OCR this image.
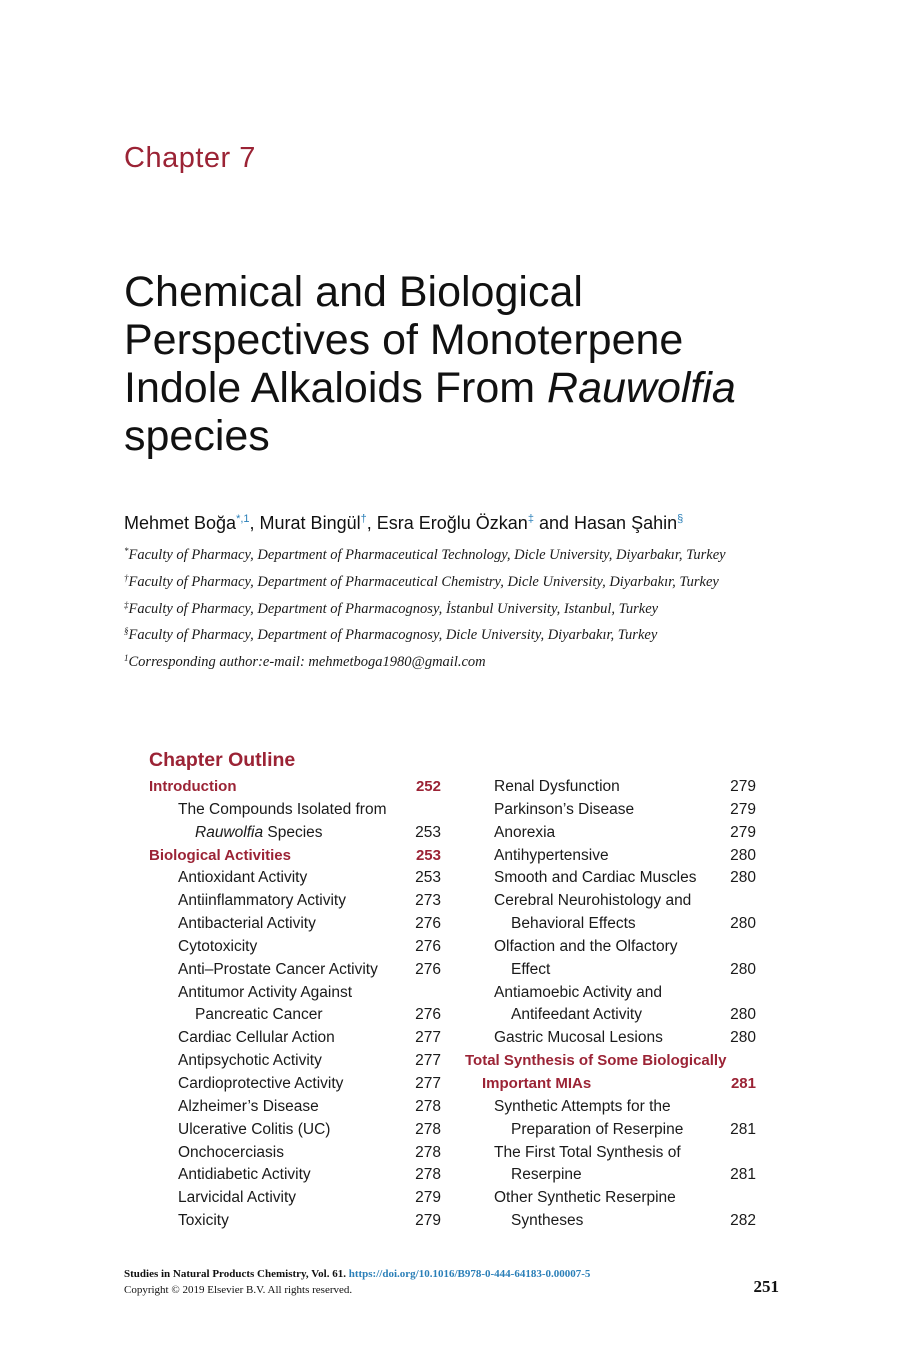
Chapter 7
Chemical and Biological
Perspectives of Monoterpene
Indole Alkaloids From Rauwolfia
species
Mehmet Boğa$^{*,1}$, Murat Bingül†, Esra Eroğlu Özkan‡ and Hasan Şahin§

*Faculty of Pharmacy, Department of Pharmaceutical Technology, Dicle University, Diyarbakır, Turkey

†Faculty of Pharmacy, Department of Pharmaceutical Chemistry, Dicle University, Diyarbakır, Turkey

‡Faculty of Pharmacy, Department of Pharmacognosy, İstanbul University, Istanbul, Turkey

§Faculty of Pharmacy, Department of Pharmacognosy, Dicle University, Diyarbakır, Turkey

$^1$Corresponding author:e-mail: mehmetboga1980@gmail.com

Chapter Outline
Introduction	252
The Compounds Isolated from
Rauwolfia Species	253
Biological Activities	253
Antioxidant Activity	253
Antiinflammatory Activity	273
Antibacterial Activity	276
Cytotoxicity	276
Anti–Prostate Cancer Activity 276
Antitumor Activity Against
Pancreatic Cancer	276
Cardiac Cellular Action	277
Antipsychotic Activity	277
Cardioprotective Activity	277
Alzheimer’s Disease	278
Ulcerative Colitis (UC)	278
Onchocerciasis	278
Antidiabetic Activity	278
Larvicidal Activity	279
Toxicity	279
Renal Dysfunction	279
Parkinson’s Disease	279
Anorexia	279
Antihypertensive	280
Smooth and Cardiac Muscles 280
Cerebral Neurohistology and
Behavioral Effects	280
Olfaction and the Olfactory
Effect	280
Antiamoebic Activity and
Antifeedant Activity	280
Gastric Mucosal Lesions	280
Total Synthesis of Some Biologically
Important MIAs	281
Synthetic Attempts for the
Preparation of Reserpine	281
The First Total Synthesis of
Reserpine	281
Other Synthetic Reserpine
Syntheses	282
Studies in Natural Products Chemistry, Vol. 61. https://doi.org/10.1016/B978-0-444-64183-0.00007-5
Copyright © 2019 Elsevier B.V. All rights reserved.	251
